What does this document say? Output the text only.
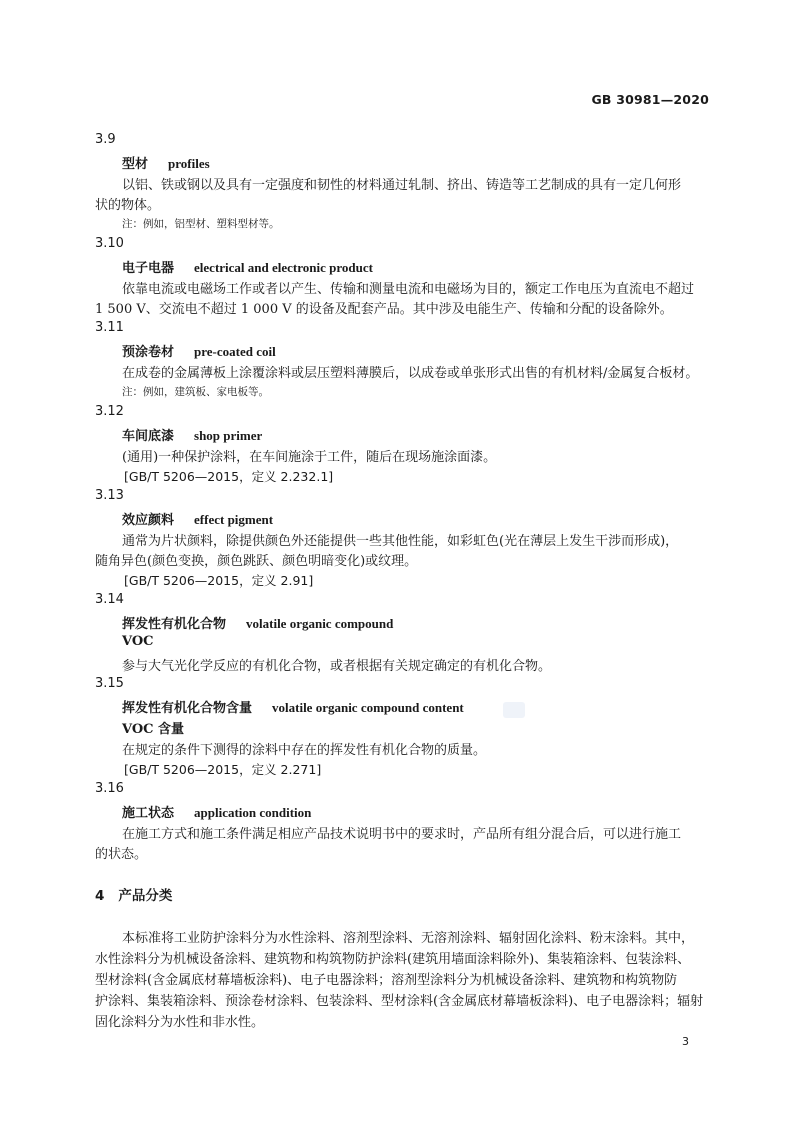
GB 30981—2020
3.9
型材 profiles
以铝、铁或钢以及具有一定强度和韧性的材料通过轧制、挤出、铸造等工艺制成的具有一定几何形
状的物体。
注：例如，铝型材、塑料型材等。
3.10
电子电器 electrical and electronic product
依靠电流或电磁场工作或者以产生、传输和测量电流和电磁场为目的，额定工作电压为直流电不超过
1 500 V、交流电不超过 1 000 V 的设备及配套产品。其中涉及电能生产、传输和分配的设备除外。
3.11
预涂卷材 pre-coated coil
在成卷的金属薄板上涂覆涂料或层压塑料薄膜后，以成卷或单张形式出售的有机材料/金属复合板材。
注：例如，建筑板、家电板等。
3.12
车间底漆 shop primer
(通用)一种保护涂料，在车间施涂于工件，随后在现场施涂面漆。
[GB/T 5206—2015，定义 2.232.1]
3.13
效应颜料 effect pigment
通常为片状颜料，除提供颜色外还能提供一些其他性能，如彩虹色(光在薄层上发生干涉而形成)，
随角异色(颜色变换，颜色跳跃、颜色明暗变化)或纹理。
[GB/T 5206—2015，定义 2.91]
3.14
挥发性有机化合物 volatile organic compound
VOC
参与大气光化学反应的有机化合物，或者根据有关规定确定的有机化合物。
3.15
挥发性有机化合物含量 volatile organic compound content
VOC 含量
在规定的条件下测得的涂料中存在的挥发性有机化合物的质量。
[GB/T 5206—2015，定义 2.271]
3.16
施工状态 application condition
在施工方式和施工条件满足相应产品技术说明书中的要求时，产品所有组分混合后，可以进行施工
的状态。
4 产品分类
本标准将工业防护涂料分为水性涂料、溶剂型涂料、无溶剂涂料、辐射固化涂料、粉末涂料。其中，
水性涂料分为机械设备涂料、建筑物和构筑物防护涂料(建筑用墙面涂料除外)、集装箱涂料、包装涂料、
型材涂料(含金属底材幕墙板涂料)、电子电器涂料；溶剂型涂料分为机械设备涂料、建筑物和构筑物防
护涂料、集装箱涂料、预涂卷材涂料、包装涂料、型材涂料(含金属底材幕墙板涂料)、电子电器涂料；辐射
固化涂料分为水性和非水性。
3
